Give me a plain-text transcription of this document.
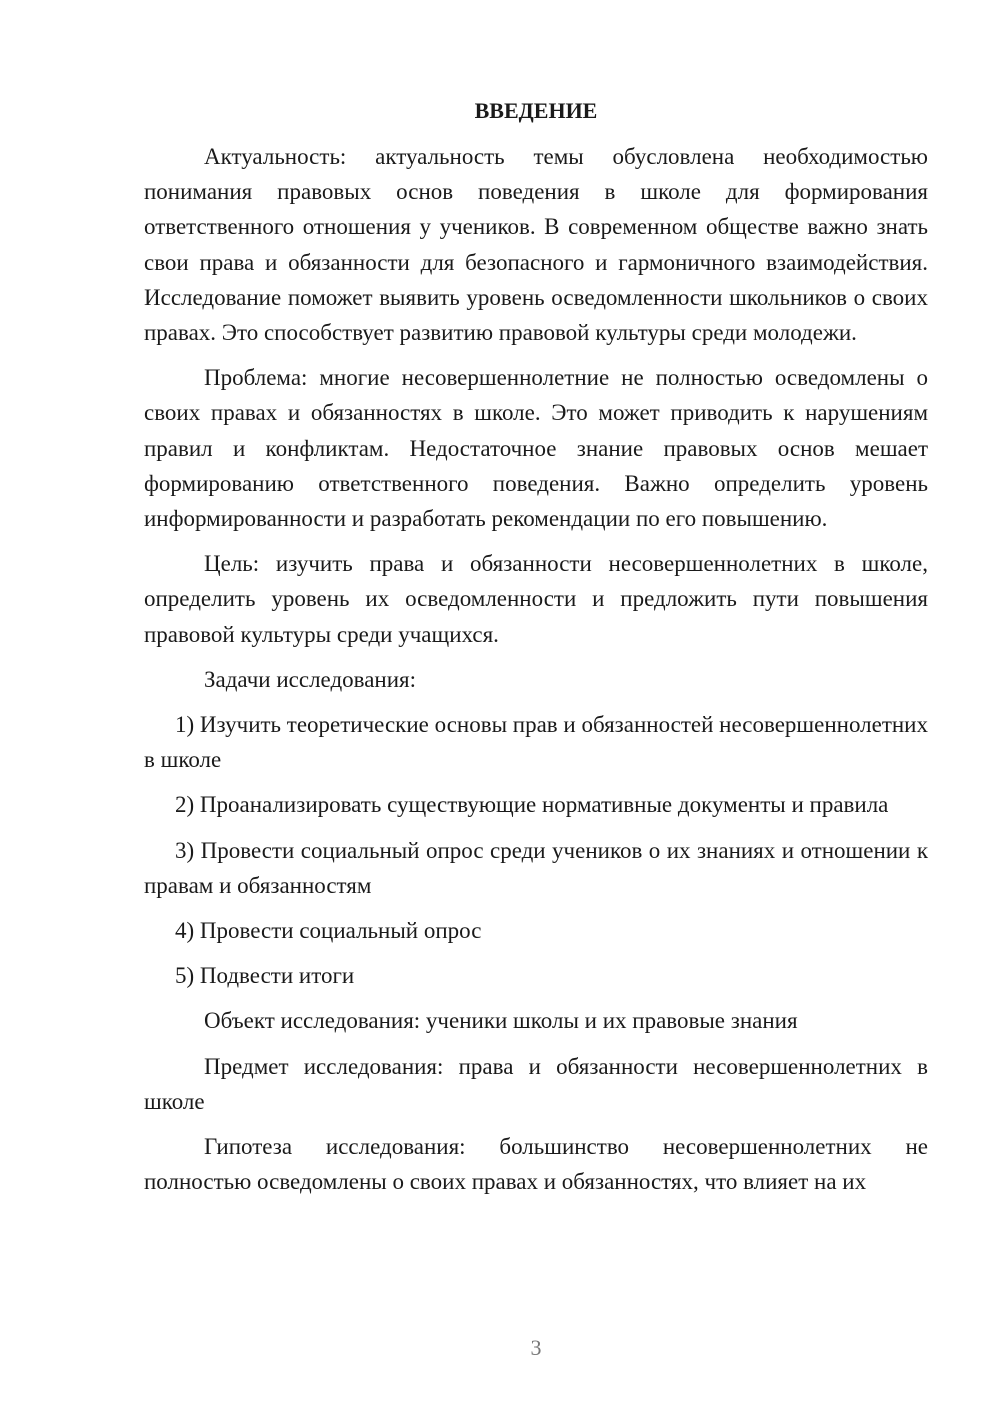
ВВЕДЕНИЕ
Актуальность: актуальность темы обусловлена необходимостью понимания правовых основ поведения в школе для формирования ответственного отношения у учеников. В современном обществе важно знать свои права и обязанности для безопасного и гармоничного взаимодействия. Исследование поможет выявить уровень осведомленности школьников о своих правах. Это способствует развитию правовой культуры среди молодежи.
Проблема: многие несовершеннолетние не полностью осведомлены о своих правах и обязанностях в школе. Это может приводить к нарушениям правил и конфликтам. Недостаточное знание правовых основ мешает формированию ответственного поведения. Важно определить уровень информированности и разработать рекомендации по его повышению.
Цель: изучить права и обязанности несовершеннолетних в школе, определить уровень их осведомленности и предложить пути повышения правовой культуры среди учащихся.
Задачи исследования:
1) Изучить теоретические основы прав и обязанностей несовершеннолетних в школе
2) Проанализировать существующие нормативные документы и правила
3) Провести социальный опрос среди учеников о их знаниях и отношении к правам и обязанностям
4) Провести социальный опрос
5) Подвести итоги
Объект исследования: ученики школы и их правовые знания
Предмет исследования: права и обязанности несовершеннолетних в школе
Гипотеза исследования: большинство несовершеннолетних не полностью осведомлены о своих правах и обязанностях, что влияет на их
3
